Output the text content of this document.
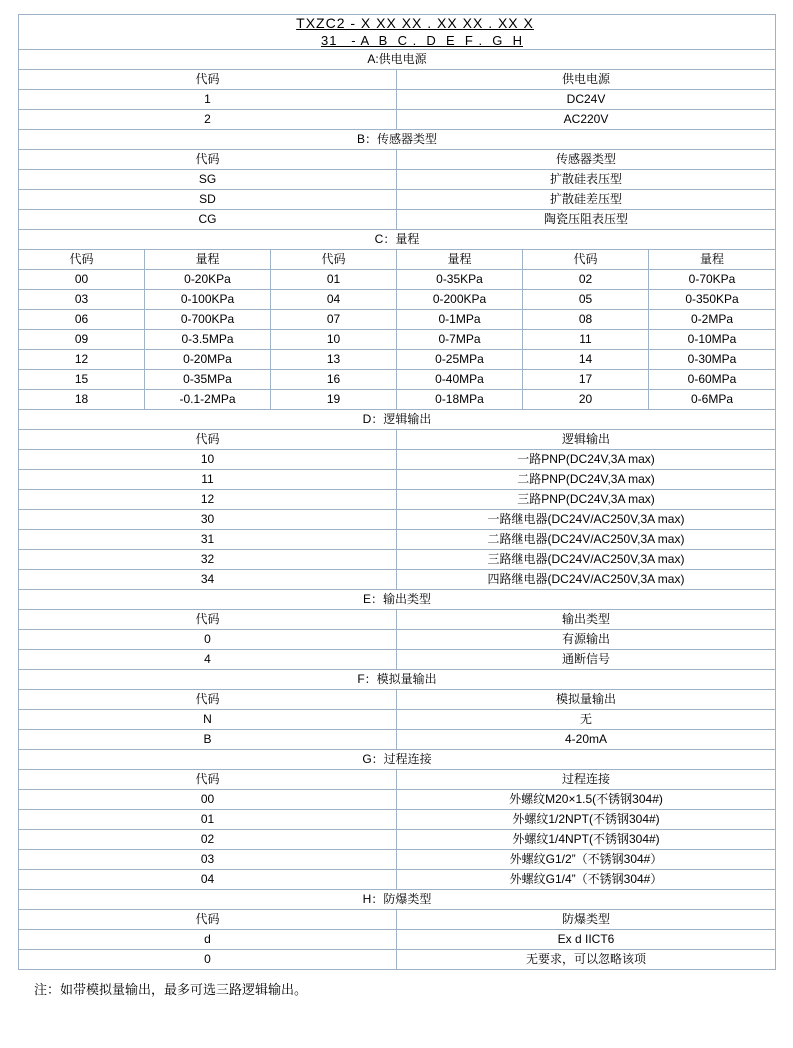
TXZC2 - X XX XX . XX XX . XX X
31   - A  B  C .  D  E  F .  G  H					

A:供电电源					
代码			供电电源		
1			DC24V		
2			AC220V		
B：传感器类型					
代码			传感器类型		
SG			扩散硅表压型		
SD			扩散硅差压型		
CG			陶瓷压阻表压型		
C：量程					
代码	量程	代码	量程	代码	量程
00	0-20KPa	01	0-35KPa	02	0-70KPa
03	0-100KPa	04	0-200KPa	05	0-350KPa
06	0-700KPa	07	0-1MPa	08	0-2MPa
09	0-3.5MPa	10	0-7MPa	11	0-10MPa
12	0-20MPa	13	0-25MPa	14	0-30MPa
15	0-35MPa	16	0-40MPa	17	0-60MPa
18	-0.1-2MPa	19	0-18MPa	20	0-6MPa
D：逻辑输出					
代码			逻辑输出		
10			一路PNP(DC24V,3A max)		
11			二路PNP(DC24V,3A max)		
12			三路PNP(DC24V,3A max)		
30			一路继电器(DC24V/AC250V,3A max)		
31			二路继电器(DC24V/AC250V,3A max)		
32			三路继电器(DC24V/AC250V,3A max)		
34			四路继电器(DC24V/AC250V,3A max)		
E：输出类型					
代码			输出类型		
0			有源输出		
4			通断信号		
F：模拟量输出					
代码			模拟量输出		
N			无		
B			4-20mA		
G：过程连接					
代码			过程连接		
00			外螺纹M20×1.5(不锈钢304#)		
01			外螺纹1/2NPT(不锈钢304#)		
02			外螺纹1/4NPT(不锈钢304#)		
03			外螺纹G1/2”（不锈钢304#）		
04			外螺纹G1/4”（不锈钢304#）		
H：防爆类型					
代码			防爆类型		
d			Ex d IICT6		
0			无要求，可以忽略该项		
注：如带模拟量输出，最多可选三路逻辑输出。
